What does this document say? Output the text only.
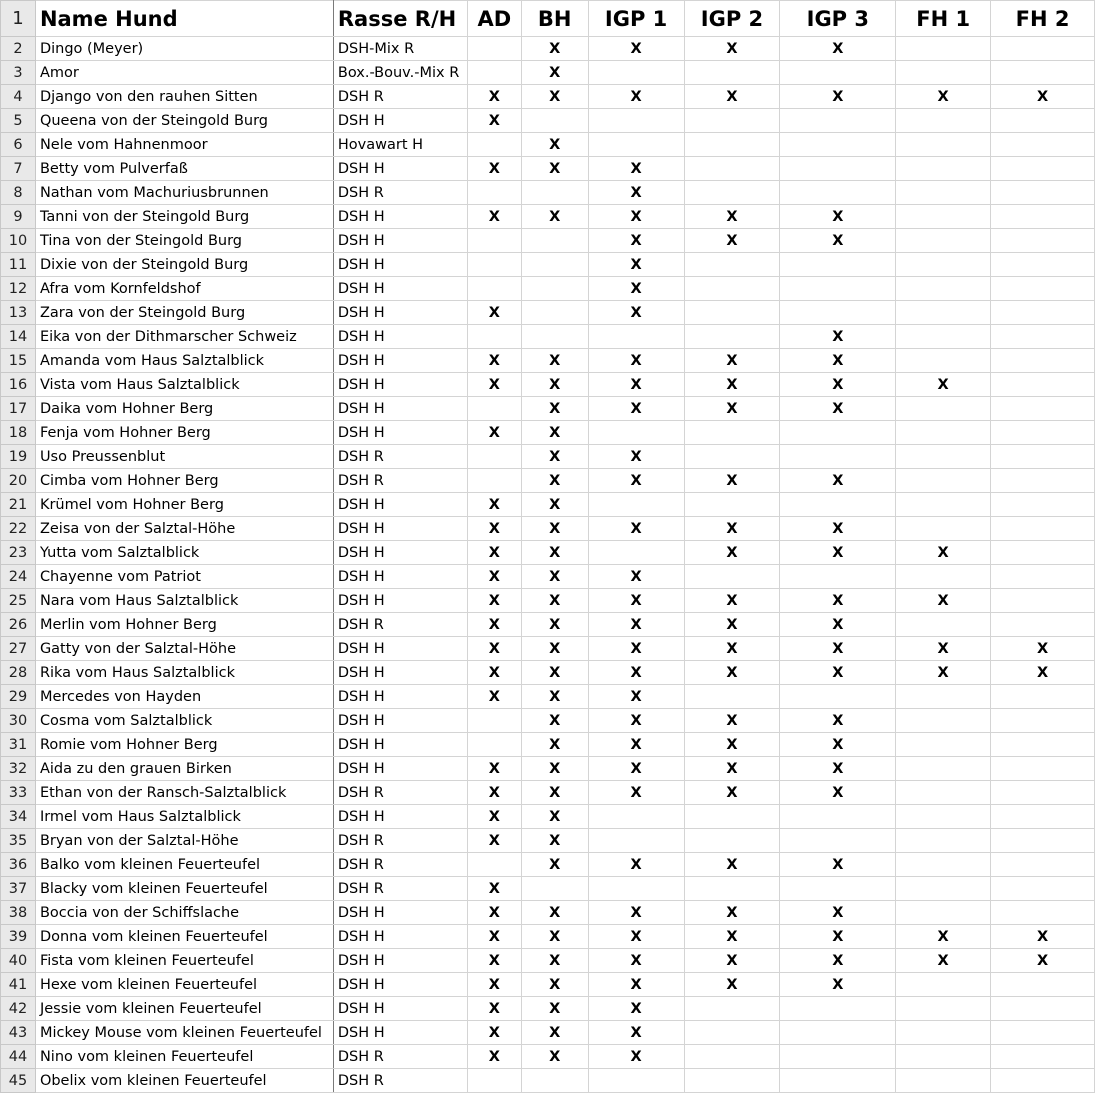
1	Name Hund	Rasse R/H	AD	BH	IGP 1	IGP 2	IGP 3	FH 1	FH 2
2	Dingo (Meyer)	DSH-Mix R		X	X	X	X		
3	Amor	Box.-Bouv.-Mix R		X					
4	Django von den rauhen Sitten	DSH R	X	X	X	X	X	X	X
5	Queena von der Steingold Burg	DSH H	X						
6	Nele vom Hahnenmoor	Hovawart H		X					
7	Betty vom Pulverfaß	DSH H	X	X	X				
8	Nathan vom Machuriusbrunnen	DSH R			X				
9	Tanni von der Steingold Burg	DSH H	X	X	X	X	X		
10	Tina von der Steingold Burg	DSH H			X	X	X		
11	Dixie von der Steingold Burg	DSH H			X				
12	Afra vom Kornfeldshof	DSH H			X				
13	Zara von der Steingold Burg	DSH H	X		X				
14	Eika von der Dithmarscher Schweiz	DSH H					X		
15	Amanda vom Haus Salztalblick	DSH H	X	X	X	X	X		
16	Vista vom Haus Salztalblick	DSH H	X	X	X	X	X	X	
17	Daika vom Hohner Berg	DSH H		X	X	X	X		
18	Fenja vom Hohner Berg	DSH H	X	X					
19	Uso Preussenblut	DSH R		X	X				
20	Cimba vom Hohner Berg	DSH R		X	X	X	X		
21	Krümel vom Hohner Berg	DSH H	X	X					
22	Zeisa von der Salztal-Höhe	DSH H	X	X	X	X	X		
23	Yutta vom Salztalblick	DSH H	X	X		X	X	X	
24	Chayenne vom Patriot	DSH H	X	X	X				
25	Nara vom Haus Salztalblick	DSH H	X	X	X	X	X	X	
26	Merlin vom Hohner Berg	DSH R	X	X	X	X	X		
27	Gatty von der Salztal-Höhe	DSH H	X	X	X	X	X	X	X
28	Rika vom Haus Salztalblick	DSH H	X	X	X	X	X	X	X
29	Mercedes von Hayden	DSH H	X	X	X				
30	Cosma vom Salztalblick	DSH H		X	X	X	X		
31	Romie vom Hohner Berg	DSH H		X	X	X	X		
32	Aida zu den grauen Birken	DSH H	X	X	X	X	X		
33	Ethan von der Ransch-Salztalblick	DSH R	X	X	X	X	X		
34	Irmel vom Haus Salztalblick	DSH H	X	X					
35	Bryan von der Salztal-Höhe	DSH R	X	X					
36	Balko vom kleinen Feuerteufel	DSH R		X	X	X	X		
37	Blacky vom kleinen Feuerteufel	DSH R	X						
38	Boccia von der Schiffslache	DSH H	X	X	X	X	X		
39	Donna vom kleinen Feuerteufel	DSH H	X	X	X	X	X	X	X
40	Fista vom kleinen Feuerteufel	DSH H	X	X	X	X	X	X	X
41	Hexe vom kleinen Feuerteufel	DSH H	X	X	X	X	X		
42	Jessie vom kleinen Feuerteufel	DSH H	X	X	X				
43	Mickey Mouse vom kleinen Feuerteufel	DSH H	X	X	X				
44	Nino vom kleinen Feuerteufel	DSH R	X	X	X				
45	Obelix vom kleinen Feuerteufel	DSH R							
